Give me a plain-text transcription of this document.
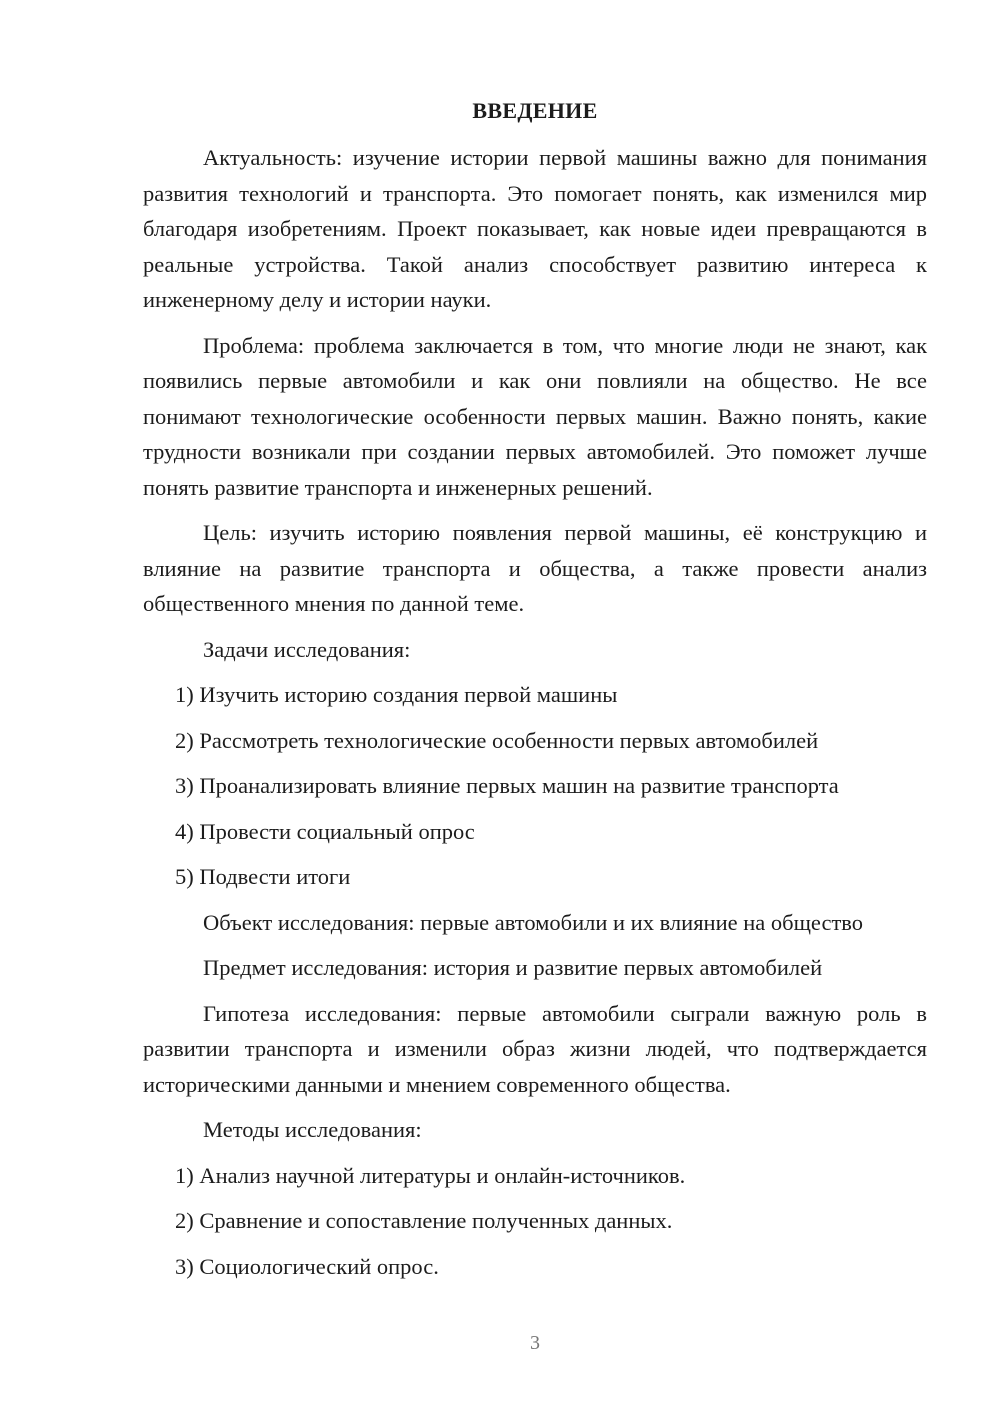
ВВЕДЕНИЕ

Актуальность: изучение истории первой машины важно для понимания развития технологий и транспорта. Это помогает понять, как изменился мир благодаря изобретениям. Проект показывает, как новые идеи превращаются в реальные устройства. Такой анализ способствует развитию интереса к инженерному делу и истории науки.

Проблема: проблема заключается в том, что многие люди не знают, как появились первые автомобили и как они повлияли на общество. Не все понимают технологические особенности первых машин. Важно понять, какие трудности возникали при создании первых автомобилей. Это поможет лучше понять развитие транспорта и инженерных решений.

Цель: изучить историю появления первой машины, её конструкцию и влияние на развитие транспорта и общества, а также провести анализ общественного мнения по данной теме.

Задачи исследования:

1) Изучить историю создания первой машины

2) Рассмотреть технологические особенности первых автомобилей

3) Проанализировать влияние первых машин на развитие транспорта

4) Провести социальный опрос

5) Подвести итоги

Объект исследования: первые автомобили и их влияние на общество

Предмет исследования: история и развитие первых автомобилей

Гипотеза исследования: первые автомобили сыграли важную роль в развитии транспорта и изменили образ жизни людей, что подтверждается историческими данными и мнением современного общества.

Методы исследования:

1) Анализ научной литературы и онлайн-источников.

2) Сравнение и сопоставление полученных данных.

3) Социологический опрос.

3
